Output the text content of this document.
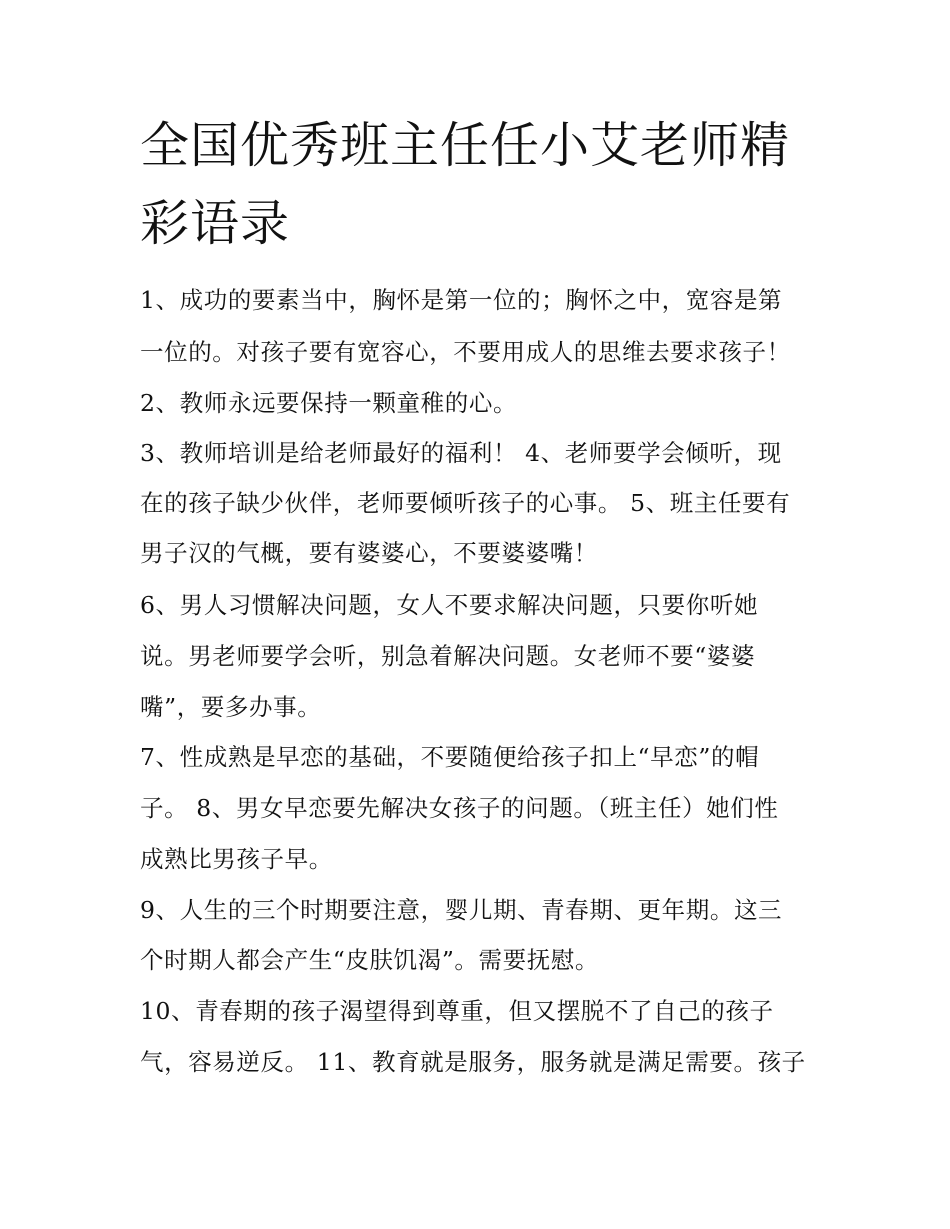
全国优秀班主任任小艾老师精
彩语录
1、成功的要素当中，胸怀是第一位的；胸怀之中，宽容是第
一位的。对孩子要有宽容心，不要用成人的思维去要求孩子！
2、教师永远要保持一颗童稚的心。
3、教师培训是给老师最好的福利！ 4、老师要学会倾听，现
在的孩子缺少伙伴，老师要倾听孩子的心事。 5、班主任要有
男子汉的气概，要有婆婆心，不要婆婆嘴！
6、男人习惯解决问题，女人不要求解决问题，只要你听她
说。男老师要学会听，别急着解决问题。女老师不要“婆婆
嘴”，要多办事。
7、性成熟是早恋的基础，不要随便给孩子扣上“早恋”的帽
子。 8、男女早恋要先解决女孩子的问题。（班主任）她们性
成熟比男孩子早。
9、人生的三个时期要注意，婴儿期、青春期、更年期。这三
个时期人都会产生“皮肤饥渴”。需要抚慰。
10、青春期的孩子渴望得到尊重，但又摆脱不了自己的孩子
气，容易逆反。 11、教育就是服务，服务就是满足需要。孩子
